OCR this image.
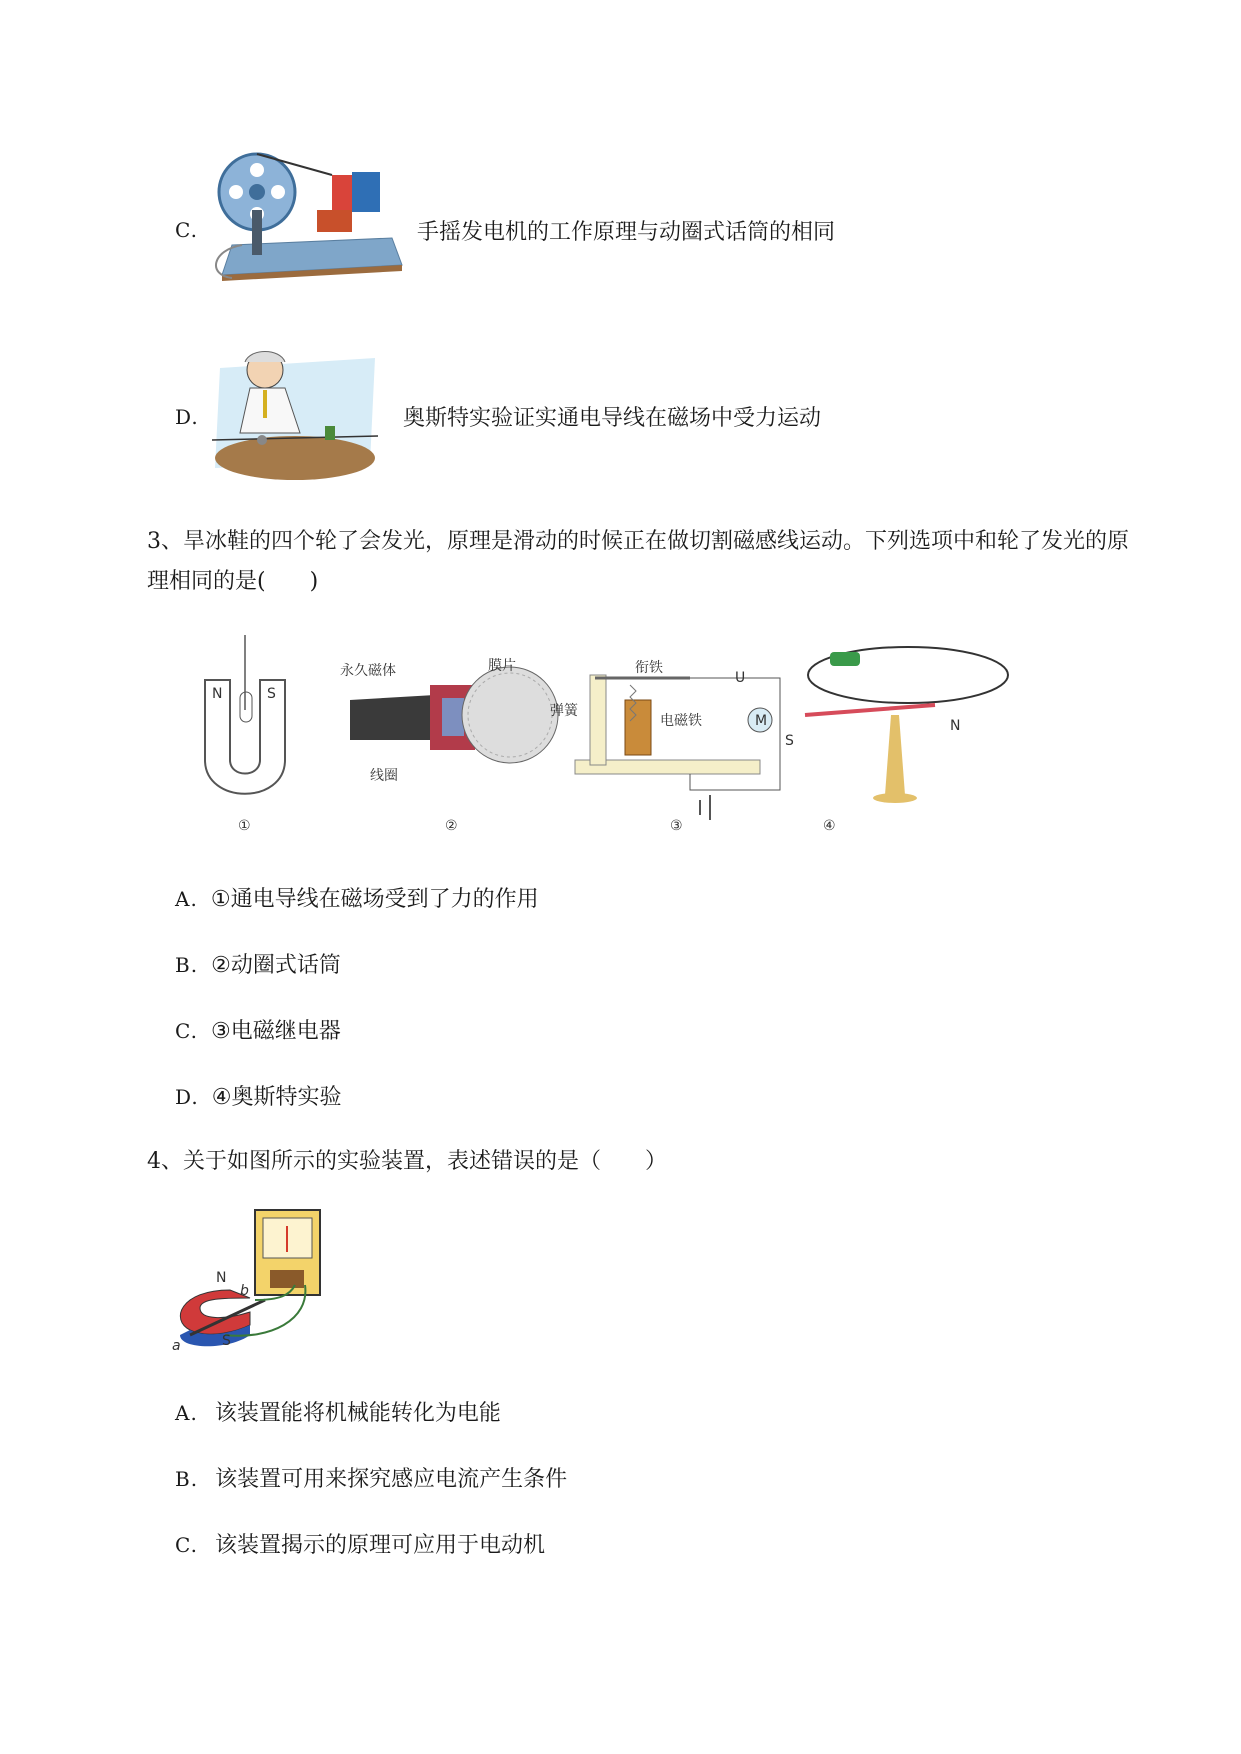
C.	手摇发电机的工作原理与动圈式话筒的相同
D.	奥斯特实验证实通电导线在磁场中受力运动
3、旱冰鞋的四个轮了会发光，原理是滑动的时候正在做切割磁感线运动。下列选项中和轮了发光的原
理相同的是(　　)
N	S
永久磁体	膜片
线圈
衔铁
弹簧
电磁铁	M
U
S
N
①	②	③	④
A. ①通电导线在磁场受到了力的作用
B. ②动圈式话筒
C. ③电磁继电器
D. ④奥斯特实验
4、关于如图所示的实验装置，表述错误的是（　　）
N
S
a
b
A. 该装置能将机械能转化为电能
B. 该装置可用来探究感应电流产生条件
C. 该装置揭示的原理可应用于电动机
